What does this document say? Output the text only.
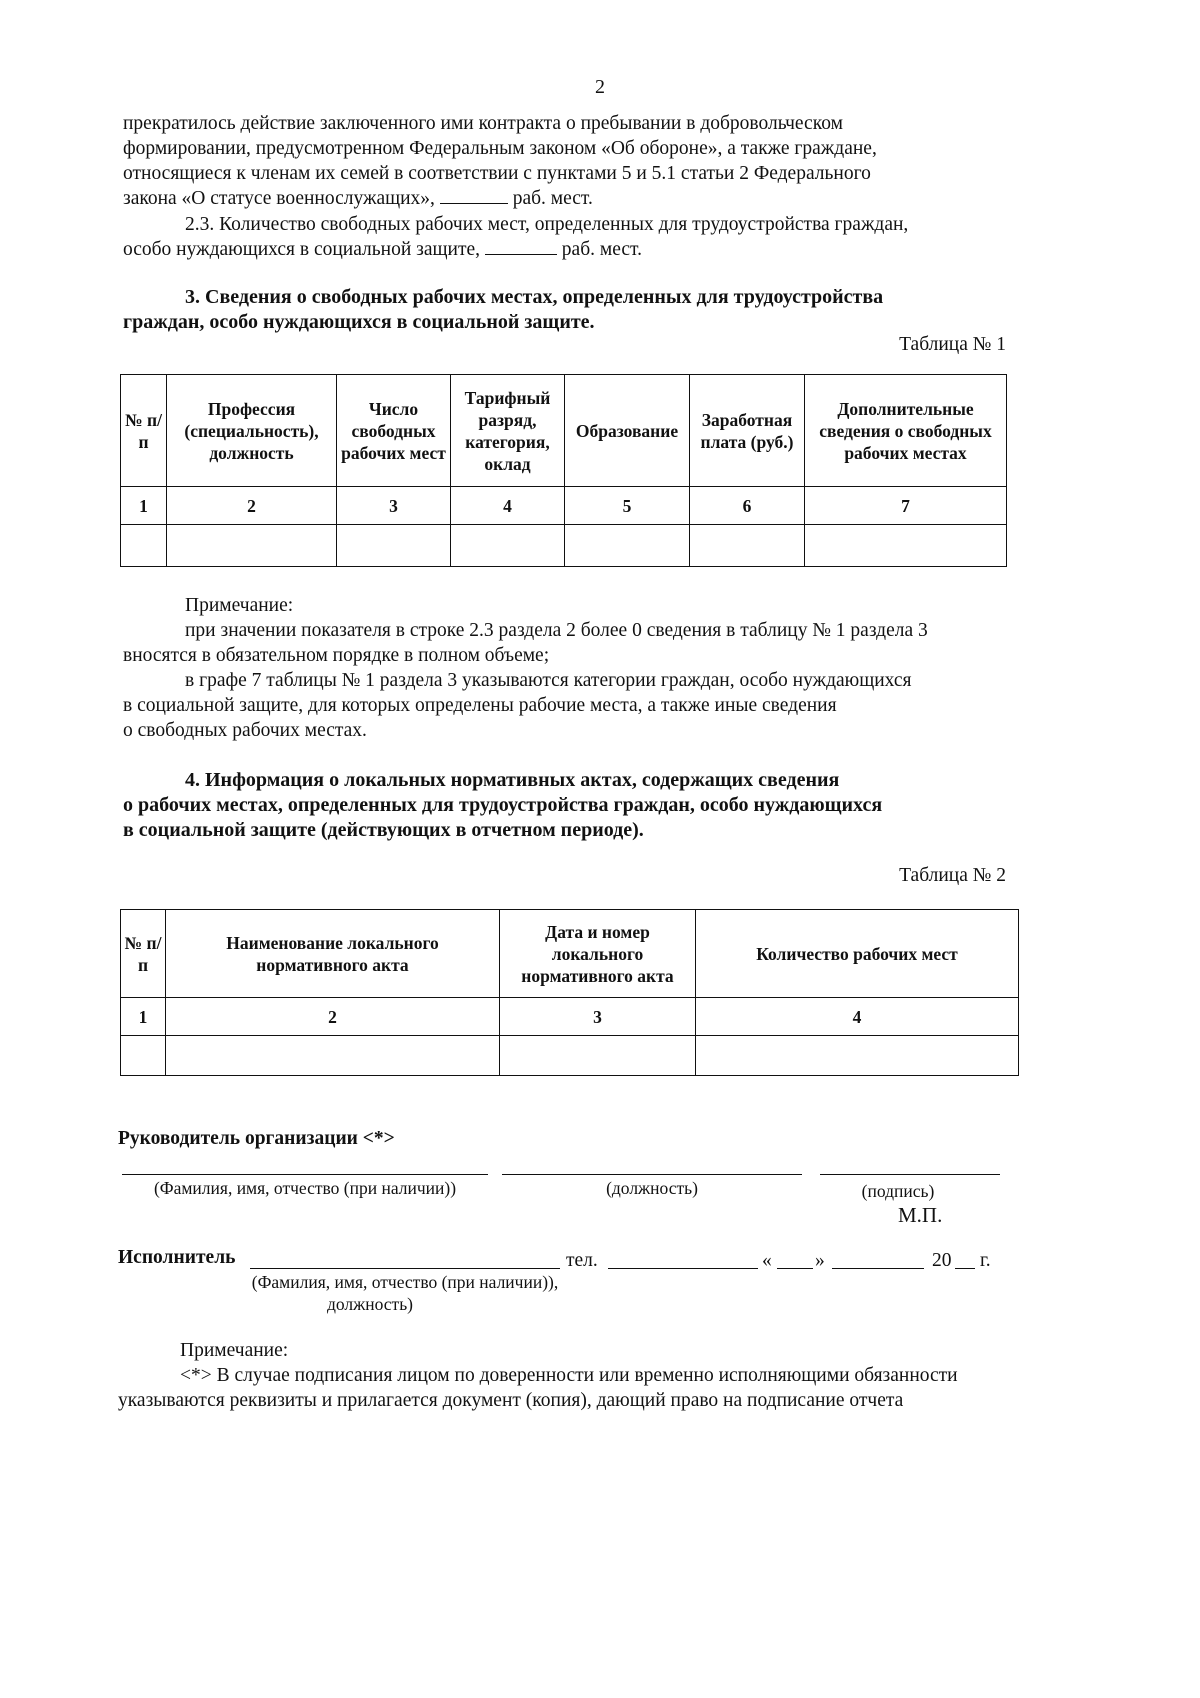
2
прекратилось действие заключенного ими контракта о пребывании в добровольческом
формировании, предусмотренном Федеральным законом «Об обороне», а также граждане,
относящиеся к членам их семей в соответствии с пунктами 5 и 5.1 статьи 2 Федерального
закона «О статусе военнослужащих»,	раб. мест.
2.3. Количество свободных рабочих мест, определенных для трудоустройства граждан,
особо нуждающихся в социальной защите,	раб. мест.
3. Сведения о свободных рабочих местах, определенных для трудоустройства
граждан, особо нуждающихся в социальной защите.
Таблица № 1
№ п/п	Профессия (специальность), должность	Число свободных рабочих мест	Тарифный разряд, категория, оклад	Образование	Заработная плата (руб.)	Дополнительные сведения о свободных рабочих местах
1	2	3	4	5	6	7

Примечание:
при значении показателя в строке 2.3 раздела 2 более 0 сведения в таблицу № 1 раздела 3
вносятся в обязательном порядке в полном объеме;
в графе 7 таблицы № 1 раздела 3 указываются категории граждан, особо нуждающихся
в социальной защите, для которых определены рабочие места, а также иные сведения
о свободных рабочих местах.
4. Информация о локальных нормативных актах, содержащих сведения
о рабочих местах, определенных для трудоустройства граждан, особо нуждающихся
в социальной защите (действующих в отчетном периоде).
Таблица № 2
№ п/п	Наименование локального нормативного акта	Дата и номер локального нормативного акта	Количество рабочих мест
1	2	3	4

Руководитель организации <*>
(Фамилия, имя, отчество (при наличии))	(должность)	(подпись)
М.П.
Исполнитель	тел.	« »	20 г.
(Фамилия, имя, отчество (при наличии)),
должность)
Примечание:
<*> В случае подписания лицом по доверенности или временно исполняющими обязанности
указываются реквизиты и прилагается документ (копия), дающий право на подписание отчета
